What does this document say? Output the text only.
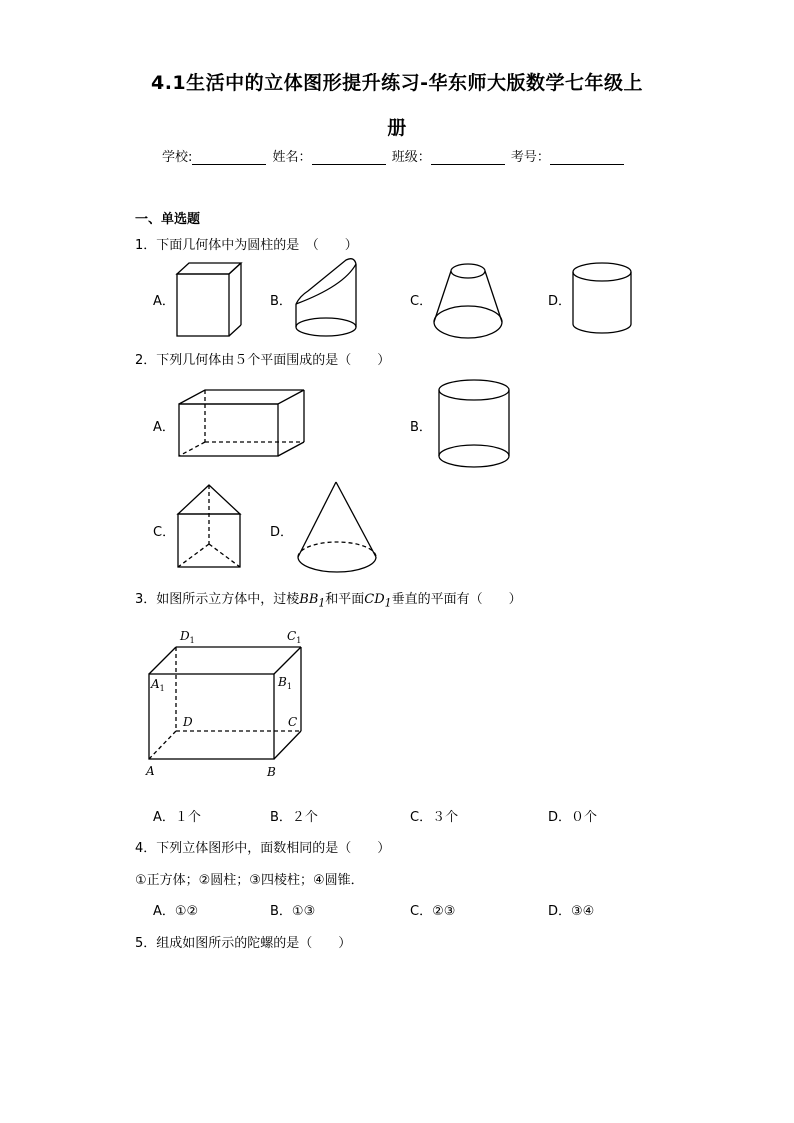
4.1生活中的立体图形提升练习-华东师大版数学七年级上
册
学校:	姓名：	班级：	考号：
一、单选题
1．下面几何体中为圆柱的是　（　　）
A．	B．	C．	D．
2．下列几何体由５个平面围成的是（　　）
A．	B．
C．	D．
3．如图所示立方体中，过棱$BB_1$和平面$CD_1$垂直的平面有（　　）
$D_1$	$C_1$
$A_1$	$B_1$
D	C
A	B
A．１个	B．２个	C．３个	D．０个
4．下列立体图形中，面数相同的是（　　）
①正方体；②圆柱；③四棱柱；④圆锥．
A．①②	B．①③	C．②③	D．③④
5．组成如图所示的陀螺的是（　　）
